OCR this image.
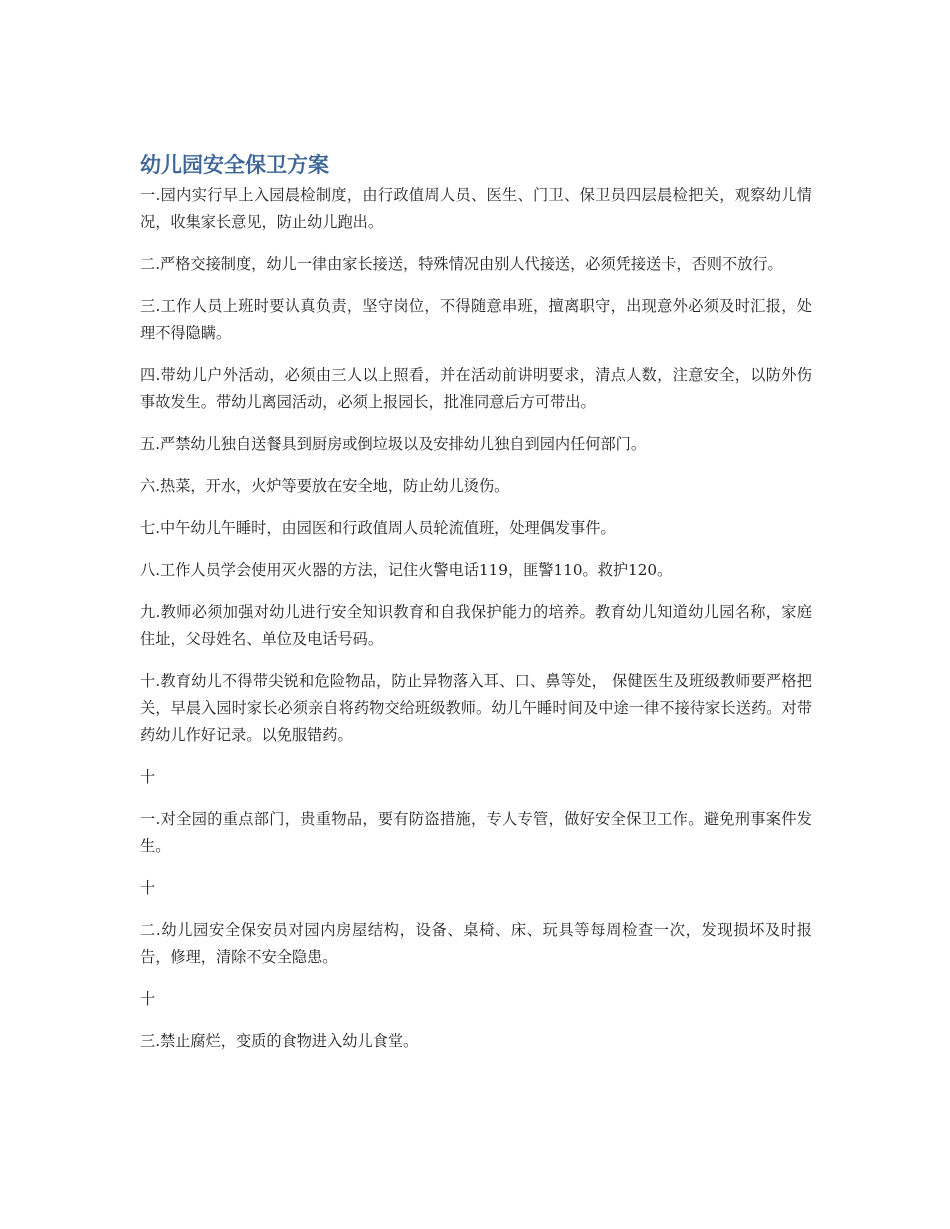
幼儿园安全保卫方案

一.园内实行早上入园晨检制度，由行政值周人员、医生、门卫、保卫员四层晨检把关，观察幼儿情况，收集家长意见，防止幼儿跑出。

二.严格交接制度，幼儿一律由家长接送，特殊情况由别人代接送，必须凭接送卡，否则不放行。

三.工作人员上班时要认真负责，坚守岗位，不得随意串班，擅离职守，出现意外必须及时汇报，处理不得隐瞒。

四.带幼儿户外活动，必须由三人以上照看，并在活动前讲明要求，清点人数，注意安全，以防外伤事故发生。带幼儿离园活动，必须上报园长，批准同意后方可带出。

五.严禁幼儿独自送餐具到厨房或倒垃圾以及安排幼儿独自到园内任何部门。

六.热菜，开水，火炉等要放在安全地，防止幼儿烫伤。

七.中午幼儿午睡时，由园医和行政值周人员轮流值班，处理偶发事件。

八.工作人员学会使用灭火器的方法，记住火警电话119，匪警110。救护120。

九.教师必须加强对幼儿进行安全知识教育和自我保护能力的培养。教育幼儿知道幼儿园名称，家庭住址，父母姓名、单位及电话号码。

十.教育幼儿不得带尖锐和危险物品，防止异物落入耳、口、鼻等处， 保健医生及班级教师要严格把关，早晨入园时家长必须亲自将药物交给班级教师。幼儿午睡时间及中途一律不接待家长送药。对带药幼儿作好记录。以免服错药。

十

一.对全园的重点部门，贵重物品，要有防盗措施，专人专管，做好安全保卫工作。避免刑事案件发生。

十

二.幼儿园安全保安员对园内房屋结构，设备、桌椅、床、玩具等每周检查一次，发现损坏及时报告，修理，清除不安全隐患。

十

三.禁止腐烂，变质的食物进入幼儿食堂。
